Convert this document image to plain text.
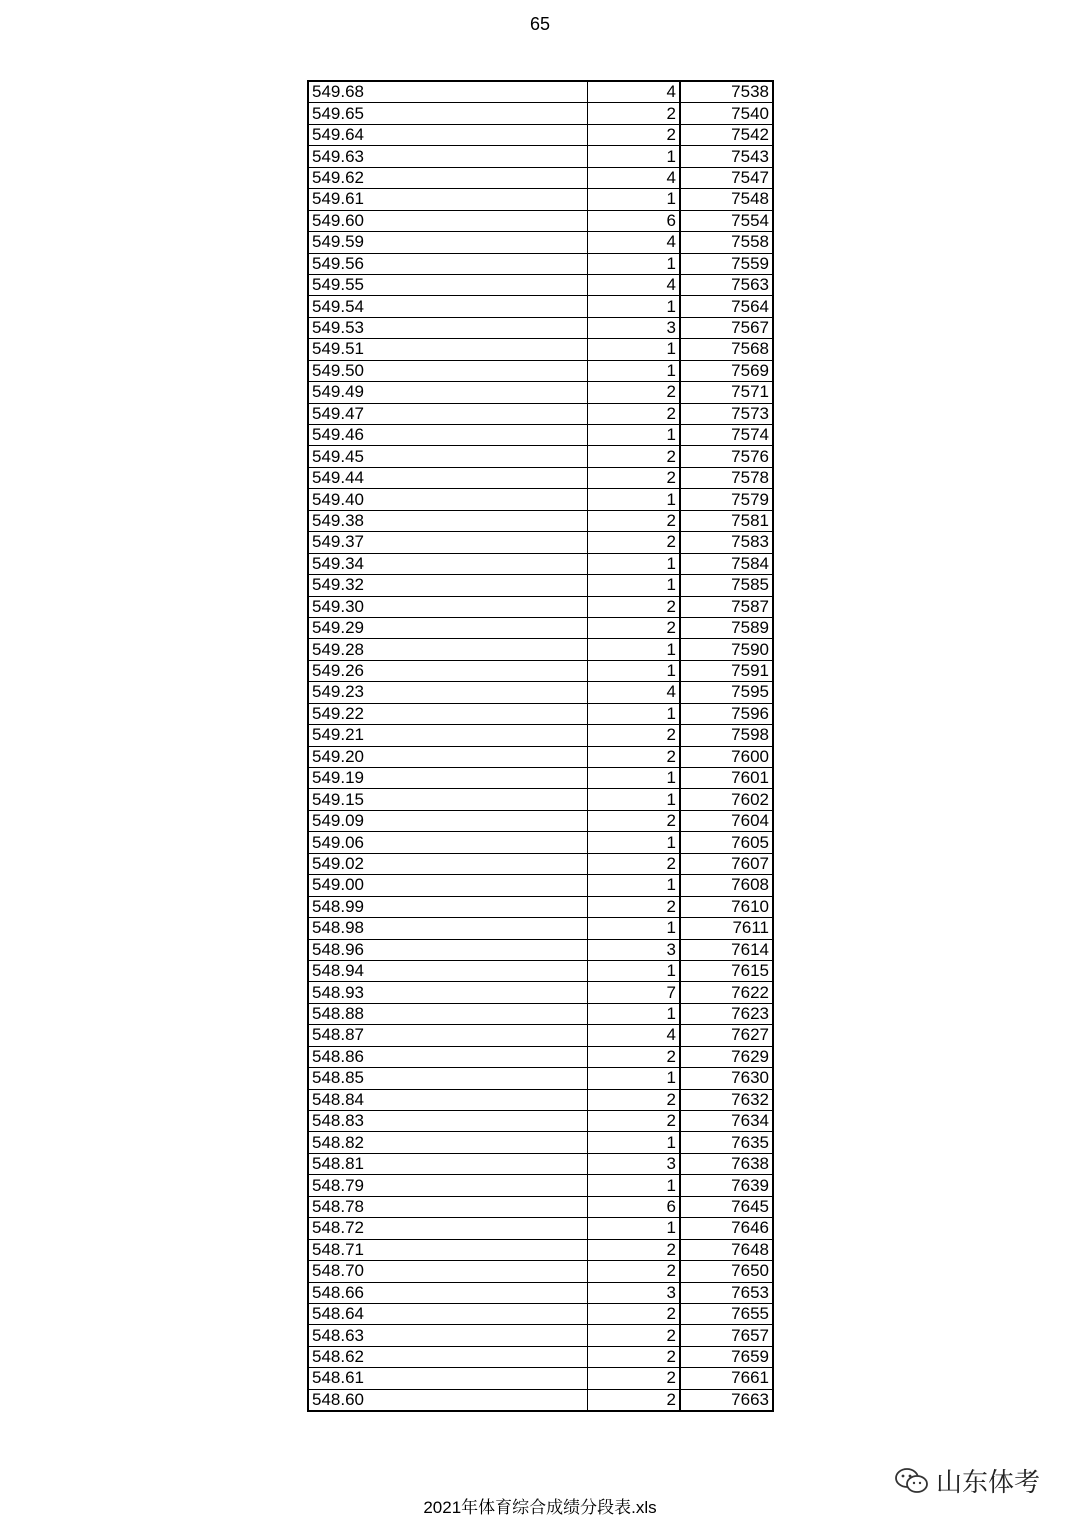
65
549.68	4	7538
549.65	2	7540
549.64	2	7542
549.63	1	7543
549.62	4	7547
549.61	1	7548
549.60	6	7554
549.59	4	7558
549.56	1	7559
549.55	4	7563
549.54	1	7564
549.53	3	7567
549.51	1	7568
549.50	1	7569
549.49	2	7571
549.47	2	7573
549.46	1	7574
549.45	2	7576
549.44	2	7578
549.40	1	7579
549.38	2	7581
549.37	2	7583
549.34	1	7584
549.32	1	7585
549.30	2	7587
549.29	2	7589
549.28	1	7590
549.26	1	7591
549.23	4	7595
549.22	1	7596
549.21	2	7598
549.20	2	7600
549.19	1	7601
549.15	1	7602
549.09	2	7604
549.06	1	7605
549.02	2	7607
549.00	1	7608
548.99	2	7610
548.98	1	7611
548.96	3	7614
548.94	1	7615
548.93	7	7622
548.88	1	7623
548.87	4	7627
548.86	2	7629
548.85	1	7630
548.84	2	7632
548.83	2	7634
548.82	1	7635
548.81	3	7638
548.79	1	7639
548.78	6	7645
548.72	1	7646
548.71	2	7648
548.70	2	7650
548.66	3	7653
548.64	2	7655
548.63	2	7657
548.62	2	7659
548.61	2	7661
548.60	2	7663
2021年体育综合成绩分段表.xls
山东体考
